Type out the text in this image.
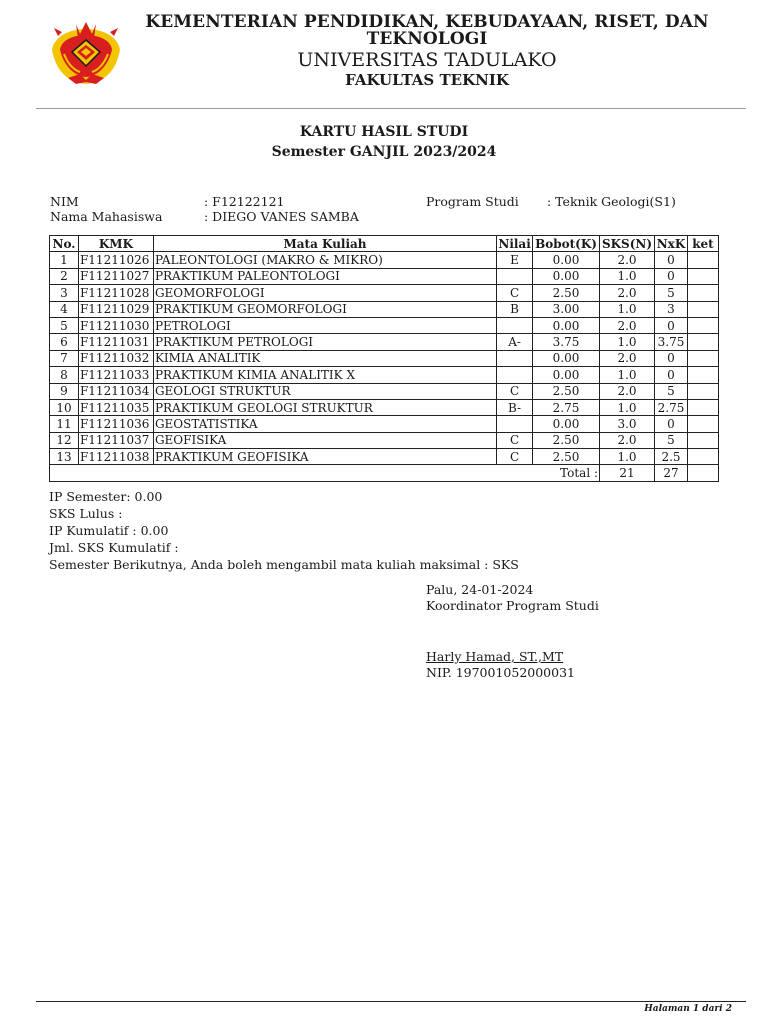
KEMENTERIAN PENDIDIKAN, KEBUDAYAAN, RISET, DAN TEKNOLOGI
UNIVERSITAS TADULAKO
FAKULTAS TEKNIK
KARTU HASIL STUDI
Semester GANJIL 2023/2024
NIM	: F12122121	Program Studi : Teknik Geologi(S1)
Nama Mahasiswa	: DIEGO VANES SAMBA
No.	KMK	Mata Kuliah	Nilai	Bobot(K)	SKS(N)	NxK	ket
1	F11211026	PALEONTOLOGI (MAKRO & MIKRO)	E	0.00	2.0	0	
2	F11211027	PRAKTIKUM PALEONTOLOGI		0.00	1.0	0	
3	F11211028	GEOMORFOLOGI	C	2.50	2.0	5	
4	F11211029	PRAKTIKUM GEOMORFOLOGI	B	3.00	1.0	3	
5	F11211030	PETROLOGI		0.00	2.0	0	
6	F11211031	PRAKTIKUM PETROLOGI	A-	3.75	1.0	3.75	
7	F11211032	KIMIA ANALITIK		0.00	2.0	0	
8	F11211033	PRAKTIKUM KIMIA ANALITIK X		0.00	1.0	0	
9	F11211034	GEOLOGI STRUKTUR	C	2.50	2.0	5	
10	F11211035	PRAKTIKUM GEOLOGI STRUKTUR	B-	2.75	1.0	2.75	
11	F11211036	GEOSTATISTIKA		0.00	3.0	0	
12	F11211037	GEOFISIKA	C	2.50	2.0	5	
13	F11211038	PRAKTIKUM GEOFISIKA	C	2.50	1.0	2.5	
Total :					21	27	
IP Semester: 0.00
SKS Lulus :
IP Kumulatif : 0.00
Jml. SKS Kumulatif :
Semester Berikutnya, Anda boleh mengambil mata kuliah maksimal : SKS
Palu, 24-01-2024
Koordinator Program Studi
Harly Hamad, ST.,MT
NIP. 197001052000031
Halaman 1 dari 2
